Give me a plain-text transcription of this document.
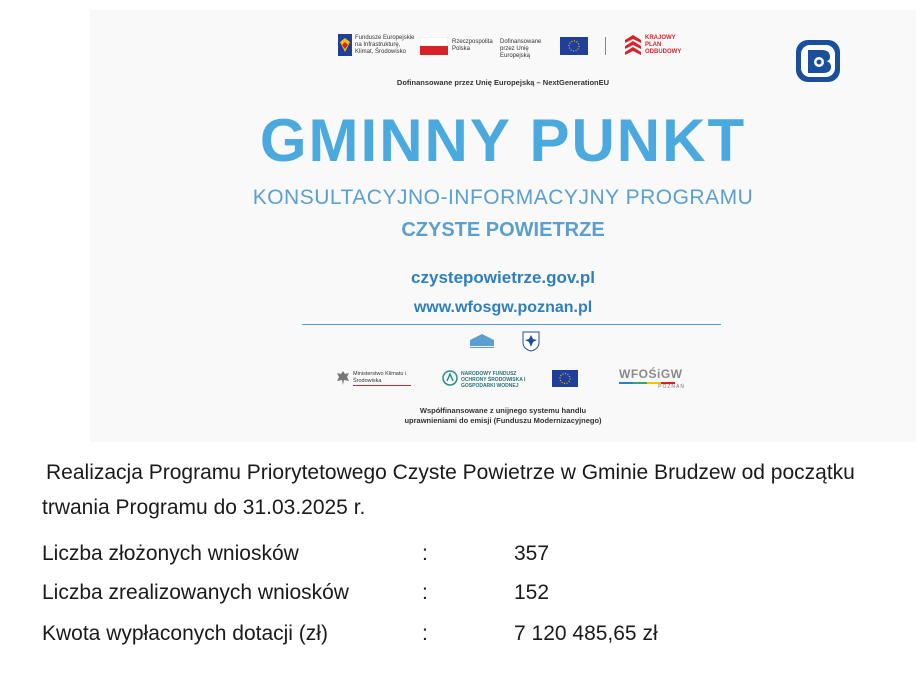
Fundusze Europejskie na Infrastrukturę, Klimat, Środowisko
Rzeczpospolita Polska
Dofinansowane przez Unię Europejską
KRAJOWY PLAN ODBUDOWY
Dofinansowane przez Unię Europejską – NextGenerationEU
GMINNY PUNKT
KONSULTACYJNO-INFORMACYJNY PROGRAMU
CZYSTE POWIETRZE
czystepowietrze.gov.pl
www.wfosgw.poznan.pl
Ministerstwo Klimatu i Środowiska
NARODOWY FUNDUSZ OCHRONY ŚRODOWISKA I GOSPODARKI WODNEJ
WFOŚiGW
POZNAŃ
Współfinansowane z unijnego systemu handlu
uprawnieniami do emisji (Funduszu Modernizacyjnego)
Realizacja Programu Priorytetowego Czyste Powietrze w Gminie Brudzew od początku trwania Programu do 31.03.2025 r.
Liczba złożonych wniosków	:	357
Liczba zrealizowanych wniosków	:	152
Kwota wypłaconych dotacji (zł)	:	7 120 485,65 zł
